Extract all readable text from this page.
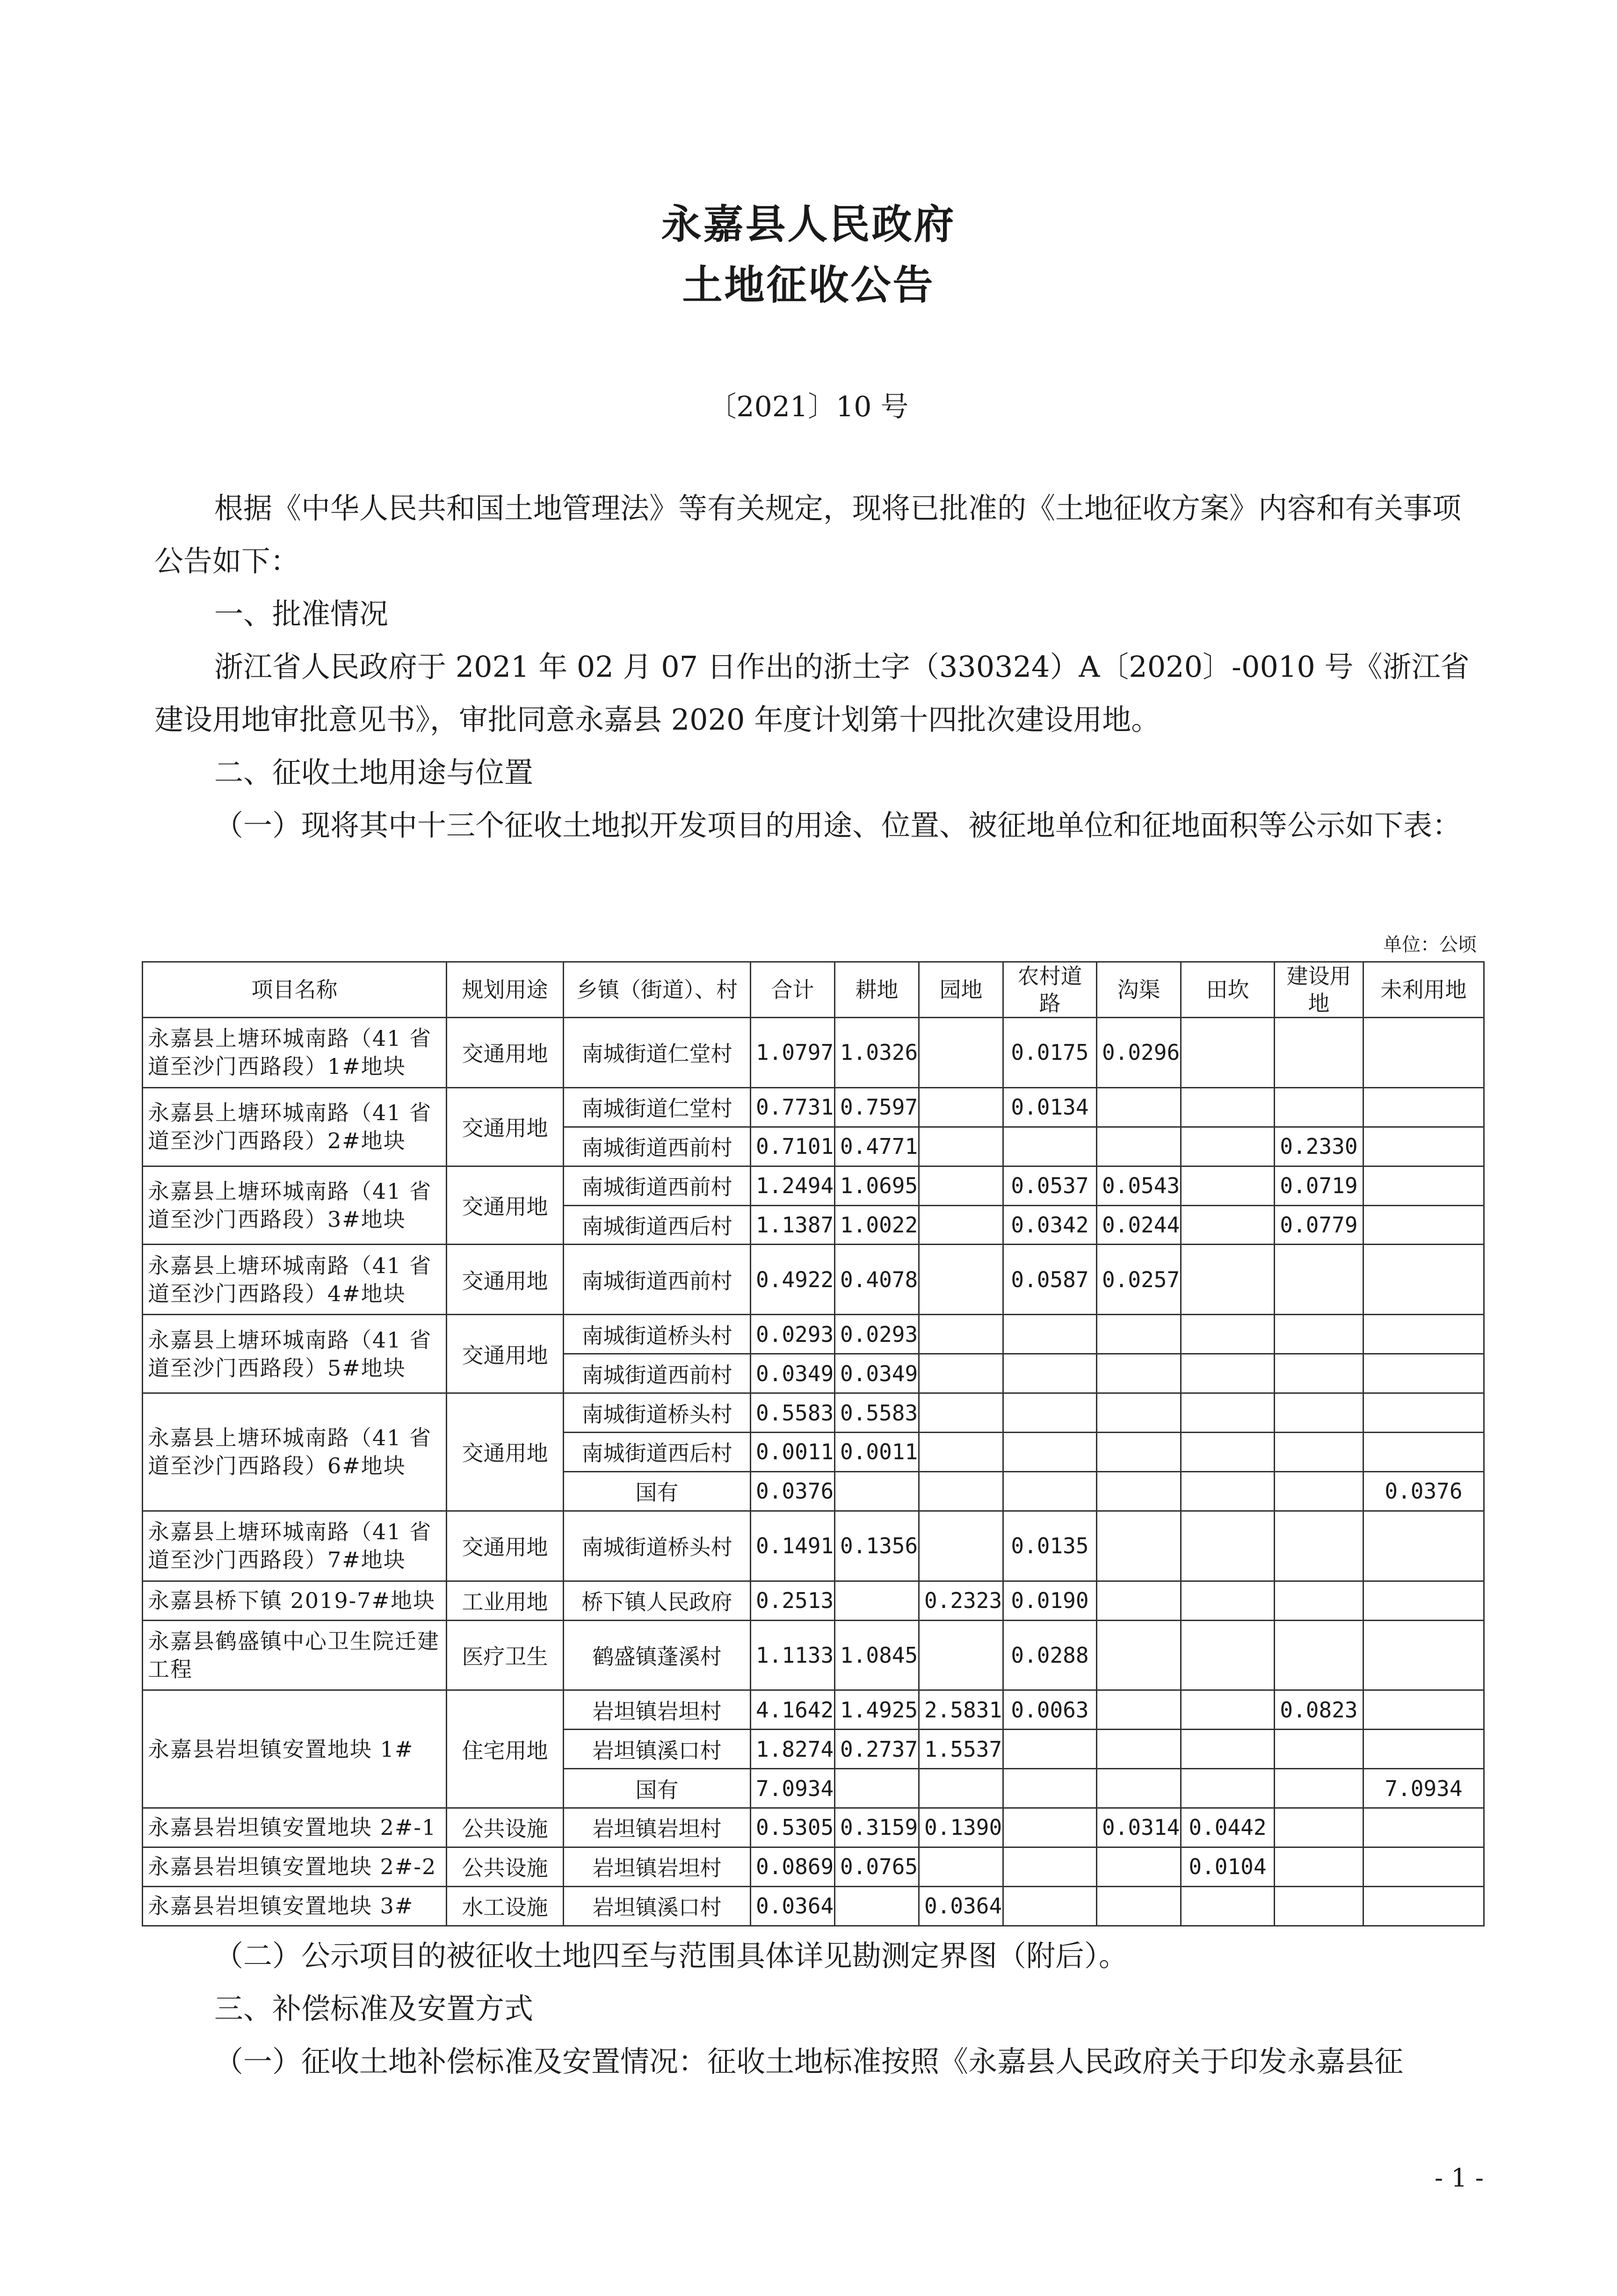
永嘉县人民政府
土地征收公告
〔2021〕10 号
根据《中华人民共和国土地管理法》等有关规定，现将已批准的《土地征收方案》内容和有关事项公告如下：
一、批准情况
浙江省人民政府于 2021 年 02 月 07 日作出的浙土字（330324）A〔2020〕-0010 号《浙江省建设用地审批意见书》，审批同意永嘉县 2020 年度计划第十四批次建设用地。
二、征收土地用途与位置
（一）现将其中十三个征收土地拟开发项目的用途、位置、被征地单位和征地面积等公示如下表：
单位：公顷
项目名称	规划用途	乡镇（街道）、村	合计	耕地	园地	农村道路	沟渠	田坎	建设用地	未利用地
永嘉县上塘环城南路（41 省道至沙门西路段）1#地块	交通用地	南城街道仁堂村	1.0797	1.0326		0.0175	0.0296			
永嘉县上塘环城南路（41 省道至沙门西路段）2#地块	交通用地	南城街道仁堂村	0.7731	0.7597		0.0134				
		南城街道西前村	0.7101	0.4771					0.2330	
永嘉县上塘环城南路（41 省道至沙门西路段）3#地块	交通用地	南城街道西前村	1.2494	1.0695		0.0537	0.0543		0.0719	
		南城街道西后村	1.1387	1.0022		0.0342	0.0244		0.0779	
永嘉县上塘环城南路（41 省道至沙门西路段）4#地块	交通用地	南城街道西前村	0.4922	0.4078		0.0587	0.0257			
永嘉县上塘环城南路（41 省道至沙门西路段）5#地块	交通用地	南城街道桥头村	0.0293	0.0293						
		南城街道西前村	0.0349	0.0349						
永嘉县上塘环城南路（41 省道至沙门西路段）6#地块	交通用地	南城街道桥头村	0.5583	0.5583						
		南城街道西后村	0.0011	0.0011						
		国有	0.0376							0.0376
永嘉县上塘环城南路（41 省道至沙门西路段）7#地块	交通用地	南城街道桥头村	0.1491	0.1356		0.0135				
永嘉县桥下镇 2019-7#地块	工业用地	桥下镇人民政府	0.2513		0.2323	0.0190				
永嘉县鹤盛镇中心卫生院迁建工程	医疗卫生	鹤盛镇蓬溪村	1.1133	1.0845		0.0288				
永嘉县岩坦镇安置地块 1#	住宅用地	岩坦镇岩坦村	4.1642	1.4925	2.5831	0.0063			0.0823	
		岩坦镇溪口村	1.8274	0.2737	1.5537					
		国有	7.0934							7.0934
永嘉县岩坦镇安置地块 2#-1	公共设施	岩坦镇岩坦村	0.5305	0.3159	0.1390		0.0314	0.0442		
永嘉县岩坦镇安置地块 2#-2	公共设施	岩坦镇岩坦村	0.0869	0.0765				0.0104		
永嘉县岩坦镇安置地块 3#	水工设施	岩坦镇溪口村	0.0364		0.0364					
（二）公示项目的被征收土地四至与范围具体详见勘测定界图（附后）。
三、补偿标准及安置方式
（一）征收土地补偿标准及安置情况：征收土地标准按照《永嘉县人民政府关于印发永嘉县征
- 1 -
